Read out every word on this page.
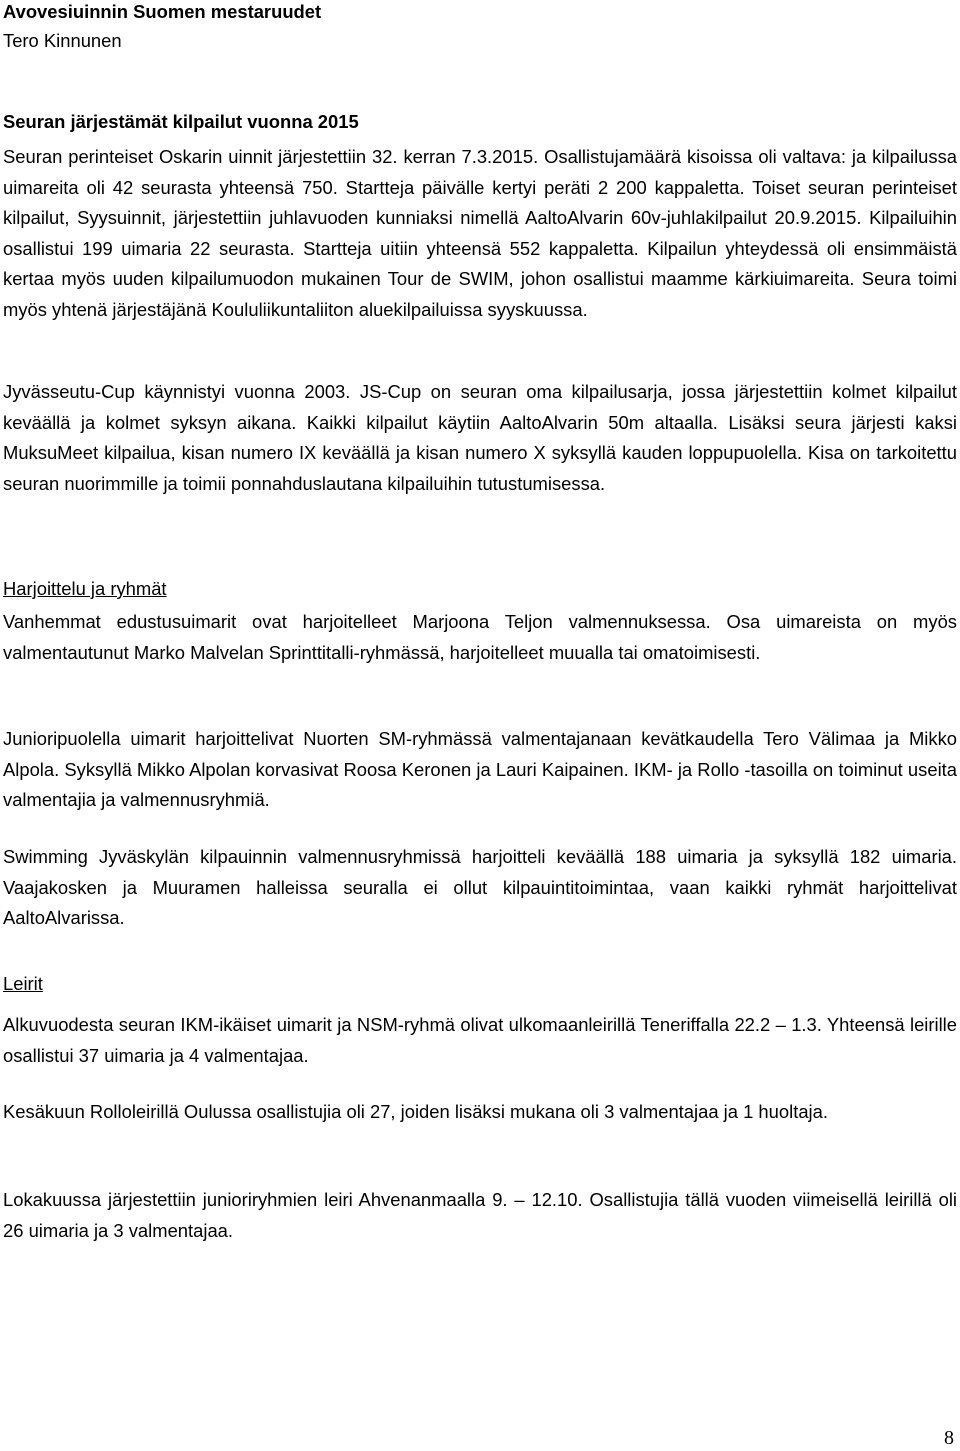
Avovesiuinnin Suomen mestaruudet

Tero Kinnunen

Seuran järjestämät kilpailut vuonna 2015

Seuran perinteiset Oskarin uinnit järjestettiin 32. kerran 7.3.2015. Osallistujamäärä kisoissa oli valtava: ja kilpailussa uimareita oli 42 seurasta yhteensä 750. Startteja päivälle kertyi peräti 2 200 kappaletta. Toiset seuran perinteiset kilpailut, Syysuinnit, järjestettiin juhlavuoden kunniaksi nimellä AaltoAlvarin 60v-juhlakilpailut 20.9.2015. Kilpailuihin osallistui 199 uimaria 22 seurasta. Startteja uitiin yhteensä 552 kappaletta. Kilpailun yhteydessä oli ensimmäistä kertaa myös uuden kilpailumuodon mukainen Tour de SWIM, johon osallistui maamme kärkiuimareita. Seura toimi myös yhtenä järjestäjänä Koululiikuntaliiton aluekilpailuissa syyskuussa.

Jyvässeutu-Cup käynnistyi vuonna 2003. JS-Cup on seuran oma kilpailusarja, jossa järjestettiin kolmet kilpailut keväällä ja kolmet syksyn aikana. Kaikki kilpailut käytiin AaltoAlvarin 50m altaalla. Lisäksi seura järjesti kaksi MuksuMeet kilpailua, kisan numero IX keväällä ja kisan numero X syksyllä kauden loppupuolella. Kisa on tarkoitettu seuran nuorimmille ja toimii ponnahduslautana kilpailuihin tutustumisessa.

Harjoittelu ja ryhmät

Vanhemmat edustusuimarit ovat harjoitelleet Marjoona Teljon valmennuksessa. Osa uimareista on myös valmentautunut Marko Malvelan Sprinttitalli-ryhmässä, harjoitelleet muualla tai omatoimisesti.

Junioripuolella uimarit harjoittelivat Nuorten SM-ryhmässä valmentajanaan kevätkaudella Tero Välimaa ja Mikko Alpola. Syksyllä Mikko Alpolan korvasivat Roosa Keronen ja Lauri Kaipainen. IKM- ja Rollo -tasoilla on toiminut useita valmentajia ja valmennusryhmiä.

Swimming Jyväskylän kilpauinnin valmennusryhmissä harjoitteli keväällä 188 uimaria ja syksyllä 182 uimaria. Vaajakosken ja Muuramen halleissa seuralla ei ollut kilpauintitoimintaa, vaan kaikki ryhmät harjoittelivat AaltoAlvarissa.

Leirit

Alkuvuodesta seuran IKM-ikäiset uimarit ja NSM-ryhmä olivat ulkomaanleirillä Teneriffalla 22.2 – 1.3. Yhteensä leirille osallistui 37 uimaria ja 4 valmentajaa.

Kesäkuun Rolloleirillä Oulussa osallistujia oli 27, joiden lisäksi mukana oli 3 valmentajaa ja 1 huoltaja.

Lokakuussa järjestettiin junioriryhmien leiri Ahvenanmaalla 9. – 12.10. Osallistujia tällä vuoden viimeisellä leirillä oli 26 uimaria ja 3 valmentajaa.

8
